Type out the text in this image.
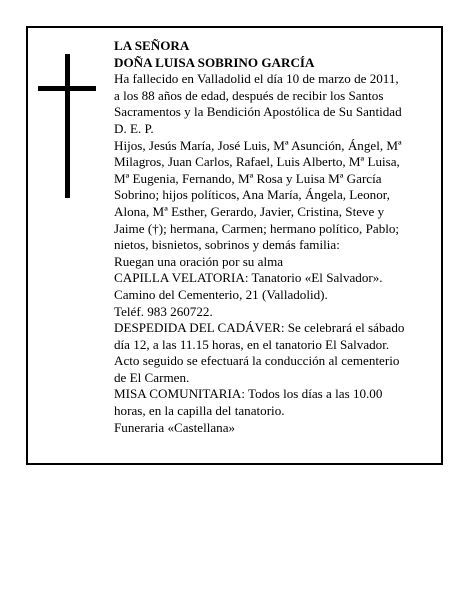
LA SEÑORA
DOÑA LUISA SOBRINO GARCÍA
Ha fallecido en Valladolid el día 10 de marzo de 2011,
a los 88 años de edad, después de recibir los Santos
Sacramentos y la Bendición Apostólica de Su Santidad
D. E. P.
Hijos, Jesús María, José Luis, Mª Asunción, Ángel, Mª
Milagros, Juan Carlos, Rafael, Luis Alberto, Mª Luisa,
Mª Eugenia, Fernando, Mª Rosa y Luisa Mª García
Sobrino; hijos políticos, Ana María, Ángela, Leonor,
Alona, Mª Esther, Gerardo, Javier, Cristina, Steve y
Jaime (†); hermana, Carmen; hermano político, Pablo;
nietos, bisnietos, sobrinos y demás familia:
Ruegan una oración por su alma
CAPILLA VELATORIA: Tanatorio «El Salvador».
Camino del Cementerio, 21 (Valladolid).
Teléf. 983 260722.
DESPEDIDA DEL CADÁVER: Se celebrará el sábado
día 12, a las 11.15 horas, en el tanatorio El Salvador.
Acto seguido se efectuará la conducción al cementerio
de El Carmen.
MISA COMUNITARIA: Todos los días a las 10.00
horas, en la capilla del tanatorio.
Funeraria «Castellana»
